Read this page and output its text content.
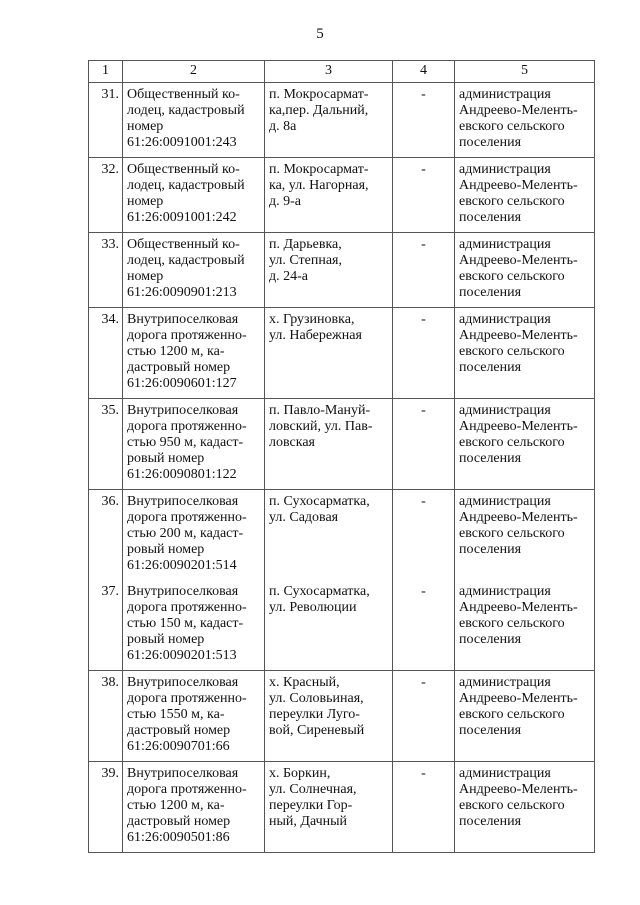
5
1	2	3	4	5
31.	Общественный ко-
лодец, кадастровый
номер
61:26:0091001:243	п. Мокросармат-
ка,пер. Дальний,
д. 8а	-	администрация
Андреево-Меленть-
евского сельского
поселения
32.	Общественный ко-
лодец, кадастровый
номер
61:26:0091001:242	п. Мокросармат-
ка, ул. Нагорная,
д. 9-а	-	администрация
Андреево-Меленть-
евского сельского
поселения
33.	Общественный ко-
лодец, кадастровый
номер
61:26:0090901:213	п. Дарьевка,
ул. Степная,
д. 24-а	-	администрация
Андреево-Меленть-
евского сельского
поселения
34.	Внутрипоселковая
дорога протяженно-
стью 1200 м, ка-
дастровый номер
61:26:0090601:127	х. Грузиновка,
ул. Набережная	-	администрация
Андреево-Меленть-
евского сельского
поселения
35.	Внутрипоселковая
дорога протяженно-
стью 950 м, кадаст-
ровый номер
61:26:0090801:122	п. Павло-Мануй-
ловский, ул. Пав-
ловская	-	администрация
Андреево-Меленть-
евского сельского
поселения
36.	Внутрипоселковая
дорога протяженно-
стью 200 м, кадаст-
ровый номер
61:26:0090201:514	п. Сухосарматка,
ул. Садовая	-	администрация
Андреево-Меленть-
евского сельского
поселения
37.	Внутрипоселковая
дорога протяженно-
стью 150 м, кадаст-
ровый номер
61:26:0090201:513	п. Сухосарматка,
ул. Революции	-	администрация
Андреево-Меленть-
евского сельского
поселения
38.	Внутрипоселковая
дорога протяженно-
стью 1550 м, ка-
дастровый номер
61:26:0090701:66	х. Красный,
ул. Соловьиная,
переулки Луго-
вой, Сиреневый	-	администрация
Андреево-Меленть-
евского сельского
поселения
39.	Внутрипоселковая
дорога протяженно-
стью 1200 м, ка-
дастровый номер
61:26:0090501:86	х. Боркин,
ул. Солнечная,
переулки Гор-
ный, Дачный	-	администрация
Андреево-Меленть-
евского сельского
поселения
